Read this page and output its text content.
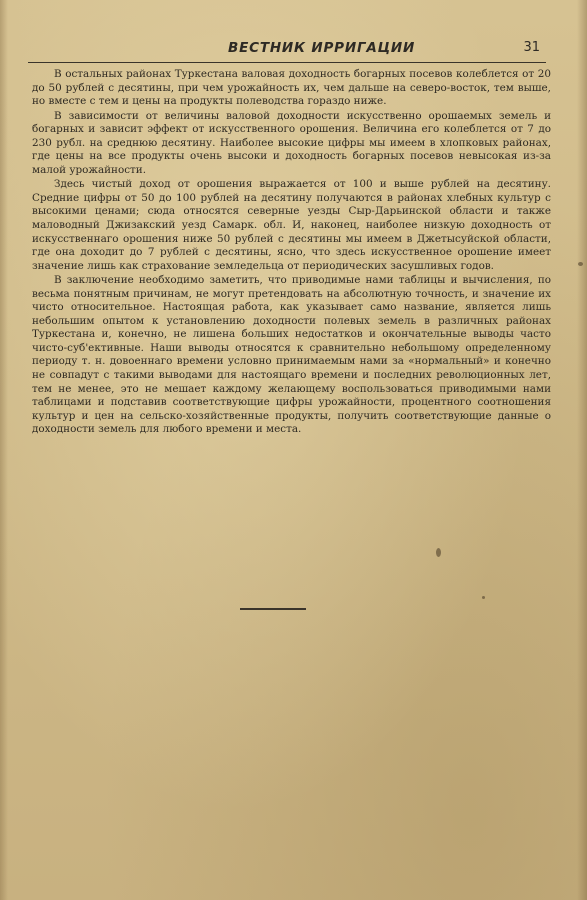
ВЕСТНИК ИРРИГАЦИИ	31

В остальных районах Туркестана валовая доходность богарных посевов колеблется от 20 до 50 рублей с десятины, при чем урожайность их, чем дальше на северо-восток, тем выше, но вместе с тем и цены на продукты полеводства гораздо ниже.

В зависимости от величины валовой доходности искусственно орошаемых земель и богарных и зависит эффект от искусственного орошения. Величина его колеблется от 7 до 230 рубл. на среднюю десятину. Наиболее высокие цифры мы имеем в хлопковых районах, где цены на все продукты очень высоки и доходность богарных посевов невысокая из-за малой урожайности.

Здесь чистый доход от орошения выражается от 100 и выше рублей на десятину. Средние цифры от 50 до 100 рублей на десятину получаются в районах хлебных культур с высокими ценами; сюда относятся северные уезды Сыр-Дарьинской области и также маловодный Джизакский уезд Самарк. обл. И, наконец, наиболее низкую доходность от искусственнаго орошения ниже 50 рублей с десятины мы имеем в Джетысуйской области, где она доходит до 7 рублей с десятины, ясно, что здесь искусственное орошение имеет значение лишь как страхование земледельца от периодических засушливых годов.

В заключение необходимо заметить, что приводимые нами таблицы и вычисления, по весьма понятным причинам, не могут претендовать на абсолютную точность, и значение их чисто относительное. Настоящая работа, как указывает само название, является лишь небольшим опытом к установлению доходности полевых земель в различных районах Туркестана и, конечно, не лишена больших недостатков и окончательные выводы часто чисто-суб'ективные. Наши выводы относятся к сравнительно небольшому определенному периоду т. н. довоеннаго времени условно принимаемым нами за «нормальный» и конечно не совпадут с такими выводами для настоящаго времени и последних революционных лет, тем не менее, это не мешает каждому желающему воспользоваться приводимыми нами таблицами и подставив соответствующие цифры урожайности, процентного соотношения культур и цен на сельско-хозяйственные продукты, получить соответствующие данные о доходности земель для любого времени и места.
